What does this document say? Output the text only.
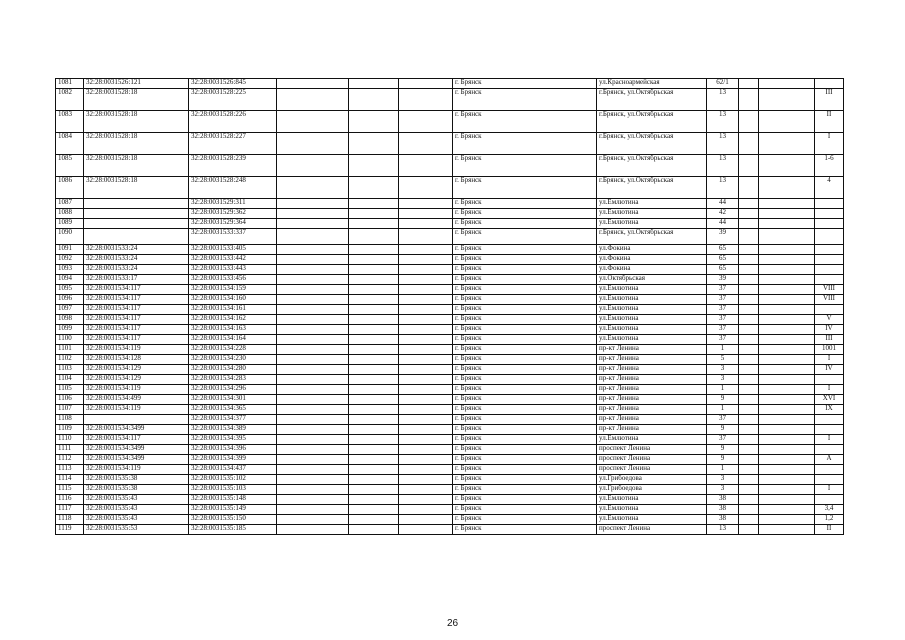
1081	32:28:0031526:121	32:28:0031526:845				г. Брянск	ул.Красноармейская	62/1			
1082	32:28:0031528:18	32:28:0031528:225				г. Брянск	г.Брянск, ул.Октябрьская	13			III
1083	32:28:0031528:18	32:28:0031528:226				г. Брянск	г.Брянск, ул.Октябрьская	13			II
1084	32:28:0031528:18	32:28:0031528:227				г. Брянск	г.Брянск, ул.Октябрьская	13			I
1085	32:28:0031528:18	32:28:0031528:239				г. Брянск	г.Брянск, ул.Октябрьская	13			1-6
1086	32:28:0031528:18	32:28:0031528:248				г. Брянск	г.Брянск, ул.Октябрьская	13			4
1087		32:28:0031529:311				г. Брянск	ул.Емлютина	44			
1088		32:28:0031529:362				г. Брянск	ул.Емлютина	42			
1089		32:28:0031529:364				г. Брянск	ул.Емлютина	44			
1090		32:28:0031533:337				г. Брянск	г.Брянск, ул.Октябрьская	39			
1091	32:28:0031533:24	32:28:0031533:405				г. Брянск	ул.Фокина	65			
1092	32:28:0031533:24	32:28:0031533:442				г. Брянск	ул.Фокина	65			
1093	32:28:0031533:24	32:28:0031533:443				г. Брянск	ул.Фокина	65			
1094	32:28:0031533:17	32:28:0031533:456				г. Брянск	ул.Октябрьская	39			
1095	32:28:0031534:117	32:28:0031534:159				г. Брянск	ул.Емлютина	37			VIII
1096	32:28:0031534:117	32:28:0031534:160				г. Брянск	ул.Емлютина	37			VIII
1097	32:28:0031534:117	32:28:0031534:161				г. Брянск	ул.Емлютина	37			
1098	32:28:0031534:117	32:28:0031534:162				г. Брянск	ул.Емлютина	37			V
1099	32:28:0031534:117	32:28:0031534:163				г. Брянск	ул.Емлютина	37			IV
1100	32:28:0031534:117	32:28:0031534:164				г. Брянск	ул.Емлютина	37			III
1101	32:28:0031534:119	32:28:0031534:228				г. Брянск	пр-кт Ленина	1			1001
1102	32:28:0031534:128	32:28:0031534:230				г. Брянск	пр-кт Ленина	5			I
1103	32:28:0031534:129	32:28:0031534:280				г. Брянск	пр-кт Ленина	3			IV
1104	32:28:0031534:129	32:28:0031534:283				г. Брянск	пр-кт Ленина	3			
1105	32:28:0031534:119	32:28:0031534:296				г. Брянск	пр-кт Ленина	1			I
1106	32:28:0031534:499	32:28:0031534:301				г. Брянск	пр-кт Ленина	9			XVI
1107	32:28:0031534:119	32:28:0031534:365				г. Брянск	пр-кт Ленина	1			IX
1108		32:28:0031534:377				г. Брянск	пр-кт Ленина	37			
1109	32:28:0031534:3499	32:28:0031534:389				г. Брянск	пр-кт Ленина	9			
1110	32:28:0031534:117	32:28:0031534:395				г. Брянск	ул.Емлютина	37			I
1111	32:28:0031534:3499	32:28:0031534:396				г. Брянск	проспект Ленина	9			
1112	32:28:0031534:3499	32:28:0031534:399				г. Брянск	проспект Ленина	9			A
1113	32:28:0031534:119	32:28:0031534:437				г. Брянск	проспект Ленина	1			
1114	32:28:0031535:38	32:28:0031535:102				г. Брянск	ул.Грибоедова	3			
1115	32:28:0031535:38	32:28:0031535:103				г. Брянск	ул.Грибоедова	3			I
1116	32:28:0031535:43	32:28:0031535:148				г. Брянск	ул.Емлютина	38			
1117	32:28:0031535:43	32:28:0031535:149				г. Брянск	ул.Емлютина	38			3,4
1118	32:28:0031535:43	32:28:0031535:150				г. Брянск	ул.Емлютина	38			1,2
1119	32:28:0031535:53	32:28:0031535:185				г. Брянск	проспект Ленина	13			II
26
